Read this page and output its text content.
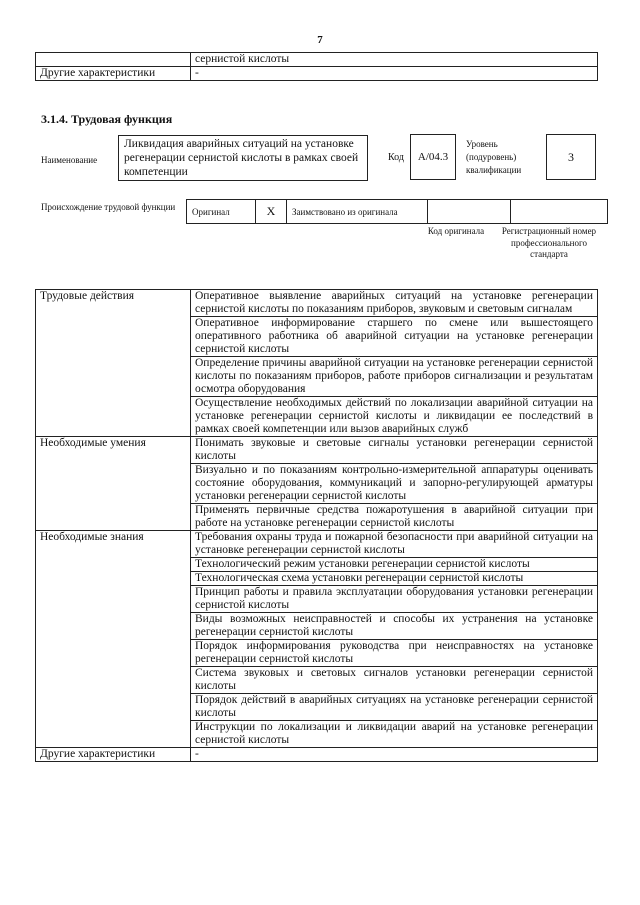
7
	сернистой кислоты
Другие характеристики	-
3.1.4. Трудовая функция
Наименование
Ликвидация аварийных ситуаций на установке регенерации сернистой кислоты в рамках своей компетенции
Код	A/04.3
Уровень (подуровень) квалификации
3
Происхождение трудовой функции	Оригинал	X	Заимствовано из оригинала		
Код оригинала	Регистрационный номер профессионального стандарта
Трудовые действия	Оперативное выявление аварийных ситуаций на установке регенерации сернистой кислоты по показаниям приборов, звуковым и световым сигналам
	Оперативное информирование старшего по смене или вышестоящего оперативного работника об аварийной ситуации на установке регенерации сернистой кислоты
	Определение причины аварийной ситуации на установке регенерации сернистой кислоты по показаниям приборов, работе приборов сигнализации и результатам осмотра оборудования
	Осуществление необходимых действий по локализации аварийной ситуации на установке регенерации сернистой кислоты и ликвидации ее последствий в рамках своей компетенции или вызов аварийных служб
Необходимые умения	Понимать звуковые и световые сигналы установки регенерации сернистой кислоты
	Визуально и по показаниям контрольно-измерительной аппаратуры оценивать состояние оборудования, коммуникаций и запорно-регулирующей арматуры установки регенерации сернистой кислоты
	Применять первичные средства пожаротушения в аварийной ситуации при работе на установке регенерации сернистой кислоты
Необходимые знания	Требования охраны труда и пожарной безопасности при аварийной ситуации на установке регенерации сернистой кислоты
	Технологический режим установки регенерации сернистой кислоты
	Технологическая схема установки регенерации сернистой кислоты
	Принцип работы и правила эксплуатации оборудования установки регенерации сернистой кислоты
	Виды возможных неисправностей и способы их устранения на установке регенерации сернистой кислоты
	Порядок информирования руководства при неисправностях на установке регенерации сернистой кислоты
	Система звуковых и световых сигналов установки регенерации сернистой кислоты
	Порядок действий в аварийных ситуациях на установке регенерации сернистой кислоты
	Инструкции по локализации и ликвидации аварий на установке регенерации сернистой кислоты
Другие характеристики	-
